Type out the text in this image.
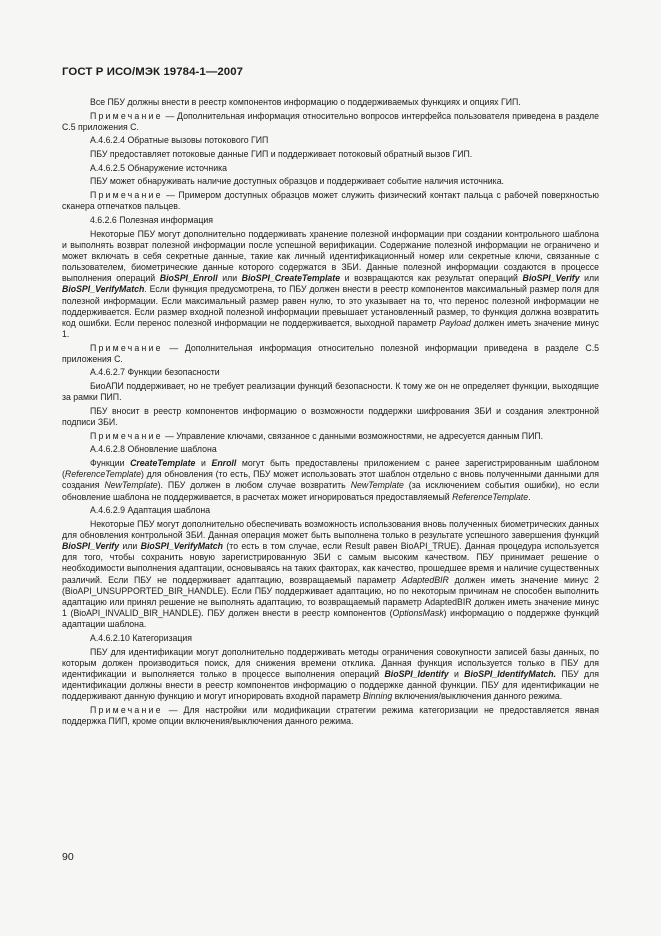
ГОСТ Р ИСО/МЭК 19784-1—2007

Все ПБУ должны внести в реестр компонентов информацию о поддерживаемых функциях и опциях ГИП.

Примечание — Дополнительная информация относительно вопросов интерфейса пользователя приведена в разделе С.5 приложения С.

А.4.6.2.4 Обратные вызовы потокового ГИП

ПБУ предоставляет потоковые данные ГИП и поддерживает потоковый обратный вызов ГИП.

А.4.6.2.5 Обнаружение источника

ПБУ может обнаруживать наличие доступных образцов и поддерживает событие наличия источника.

Примечание — Примером доступных образцов может служить физический контакт пальца с рабочей поверхностью сканера отпечатков пальцев.

4.6.2.6 Полезная информация

Некоторые ПБУ могут дополнительно поддерживать хранение полезной информации при создании контрольного шаблона и выполнять возврат полезной информации после успешной верификации. Содержание полезной информации не ограничено и может включать в себя секретные данные, такие как личный идентификационный номер или секретные ключи, связанные с пользователем, биометрические данные которого содержатся в ЗБИ. Данные полезной информации создаются в процессе выполнения операций BioSPI_Enroll или BioSPI_CreateTemplate и возвращаются как результат операций BioSPI_Verify или BioSPI_VerifyMatch. Если функция предусмотрена, то ПБУ должен внести в реестр компонентов максимальный размер поля для полезной информации. Если максимальный размер равен нулю, то это указывает на то, что перенос полезной информации не поддерживается. Если размер входной полезной информации превышает установленный размер, то функция должна возвратить код ошибки. Если перенос полезной информации не поддерживается, выходной параметр Payload должен иметь значение минус 1.

Примечание — Дополнительная информация относительно полезной информации приведена в разделе С.5 приложения С.

А.4.6.2.7 Функции безопасности

БиоАПИ поддерживает, но не требует реализации функций безопасности. К тому же он не определяет функции, выходящие за рамки ПИП.

ПБУ вносит в реестр компонентов информацию о возможности поддержки шифрования ЗБИ и создания электронной подписи ЗБИ.

Примечание — Управление ключами, связанное с данными возможностями, не адресуется данным ПИП.

А.4.6.2.8 Обновление шаблона

Функции CreateTemplate и Enroll могут быть предоставлены приложением с ранее зарегистрированным шаблоном (ReferenceTemplate) для обновления (то есть, ПБУ может использовать этот шаблон отдельно с вновь полученными данными для создания NewTemplate). ПБУ должен в любом случае возвратить NewTemplate (за исключением события ошибки), но если обновление шаблона не поддерживается, в расчетах может игнорироваться предоставляемый ReferenceTemplate.

А.4.6.2.9 Адаптация шаблона

Некоторые ПБУ могут дополнительно обеспечивать возможность использования вновь полученных биометрических данных для обновления контрольной ЗБИ. Данная операция может быть выполнена только в результате успешного завершения функций BioSPI_Verify или BioSPI_VerifyMatch (то есть в том случае, если Result равен BioAPI_TRUE). Данная процедура используется для того, чтобы сохранить новую зарегистрированную ЗБИ с самым высоким качеством. ПБУ принимает решение о необходимости выполнения адаптации, основываясь на таких факторах, как качество, прошедшее время и наличие существенных различий. Если ПБУ не поддерживает адаптацию, возвращаемый параметр AdaptedBIR должен иметь значение минус 2 (BioAPI_UNSUPPORTED_BIR_HANDLE). Если ПБУ поддерживает адаптацию, но по некоторым причинам не способен выполнить адаптацию или принял решение не выполнять адаптацию, то возвращаемый параметр AdaptedBIR должен иметь значение минус 1 (BioAPI_INVALID_BIR_HANDLE). ПБУ должен внести в реестр компонентов (OptionsMask) информацию о поддержке функций адаптации шаблона.

А.4.6.2.10 Категоризация

ПБУ для идентификации могут дополнительно поддерживать методы ограничения совокупности записей базы данных, по которым должен производиться поиск, для снижения времени отклика. Данная функция используется только в ПБУ для идентификации и выполняется только в процессе выполнения операций BioSPI_Identify и BioSPI_IdentifyMatch. ПБУ для идентификации должны внести в реестр компонентов информацию о поддержке данной функции. ПБУ для идентификации не поддерживают данную функцию и могут игнорировать входной параметр Binning включения/выключения данного режима.

Примечание — Для настройки или модификации стратегии режима категоризации не предоставляется явная поддержка ПИП, кроме опции включения/выключения данного режима.

90
